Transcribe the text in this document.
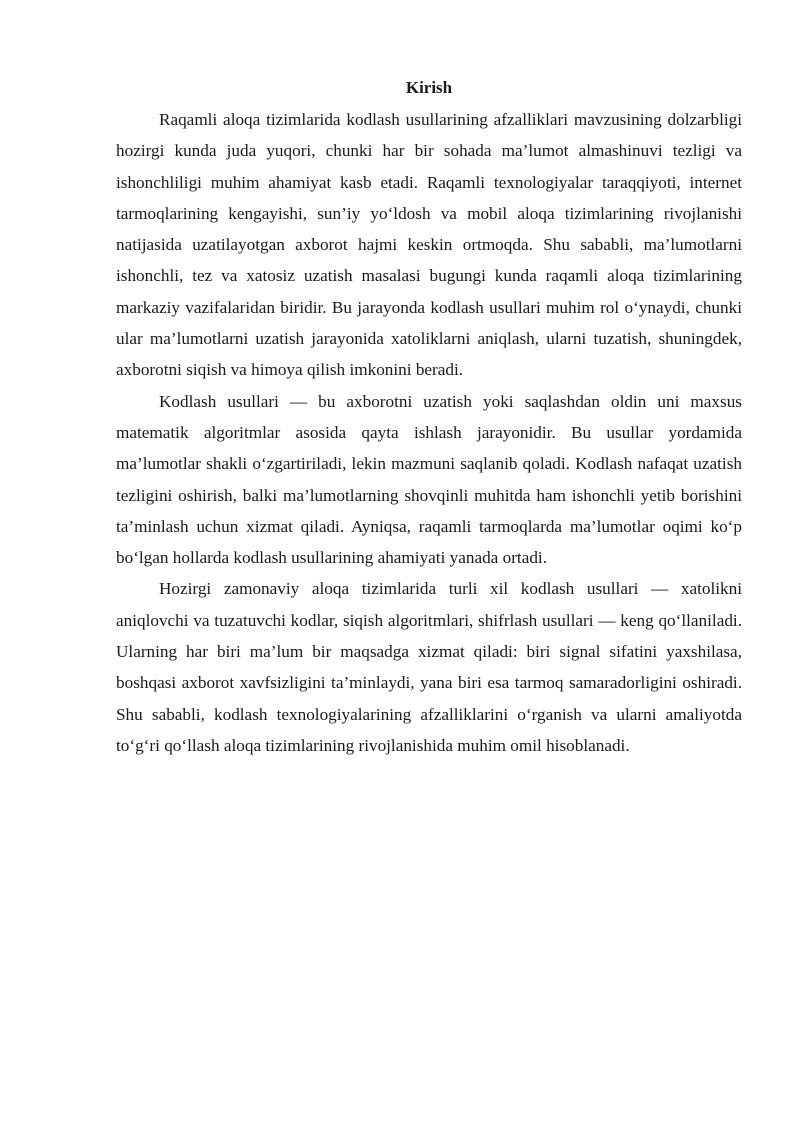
Kirish

Raqamli aloqa tizimlarida kodlash usullarining afzalliklari mavzusining dolzarbligi hozirgi kunda juda yuqori, chunki har bir sohada ma’lumot almashinuvi tezligi va ishonchliligi muhim ahamiyat kasb etadi. Raqamli texnologiyalar taraqqiyoti, internet tarmoqlarining kengayishi, sun’iy yo‘ldosh va mobil aloqa tizimlarining rivojlanishi natijasida uzatilayotgan axborot hajmi keskin ortmoqda. Shu sababli, ma’lumotlarni ishonchli, tez va xatosiz uzatish masalasi bugungi kunda raqamli aloqa tizimlarining markaziy vazifalaridan biridir. Bu jarayonda kodlash usullari muhim rol o‘ynaydi, chunki ular ma’lumotlarni uzatish jarayonida xatoliklarni aniqlash, ularni tuzatish, shuningdek, axborotni siqish va himoya qilish imkonini beradi.

Kodlash usullari — bu axborotni uzatish yoki saqlashdan oldin uni maxsus matematik algoritmlar asosida qayta ishlash jarayonidir. Bu usullar yordamida ma’lumotlar shakli o‘zgartiriladi, lekin mazmuni saqlanib qoladi. Kodlash nafaqat uzatish tezligini oshirish, balki ma’lumotlarning shovqinli muhitda ham ishonchli yetib borishini ta’minlash uchun xizmat qiladi. Ayniqsa, raqamli tarmoqlarda ma’lumotlar oqimi ko‘p bo‘lgan hollarda kodlash usullarining ahamiyati yanada ortadi.

Hozirgi zamonaviy aloqa tizimlarida turli xil kodlash usullari — xatolikni aniqlovchi va tuzatuvchi kodlar, siqish algoritmlari, shifrlash usullari — keng qo‘llaniladi. Ularning har biri ma’lum bir maqsadga xizmat qiladi: biri signal sifatini yaxshilasa, boshqasi axborot xavfsizligini ta’minlaydi, yana biri esa tarmoq samaradorligini oshiradi. Shu sababli, kodlash texnologiyalarining afzalliklarini o‘rganish va ularni amaliyotda to‘g‘ri qo‘llash aloqa tizimlarining rivojlanishida muhim omil hisoblanadi.
